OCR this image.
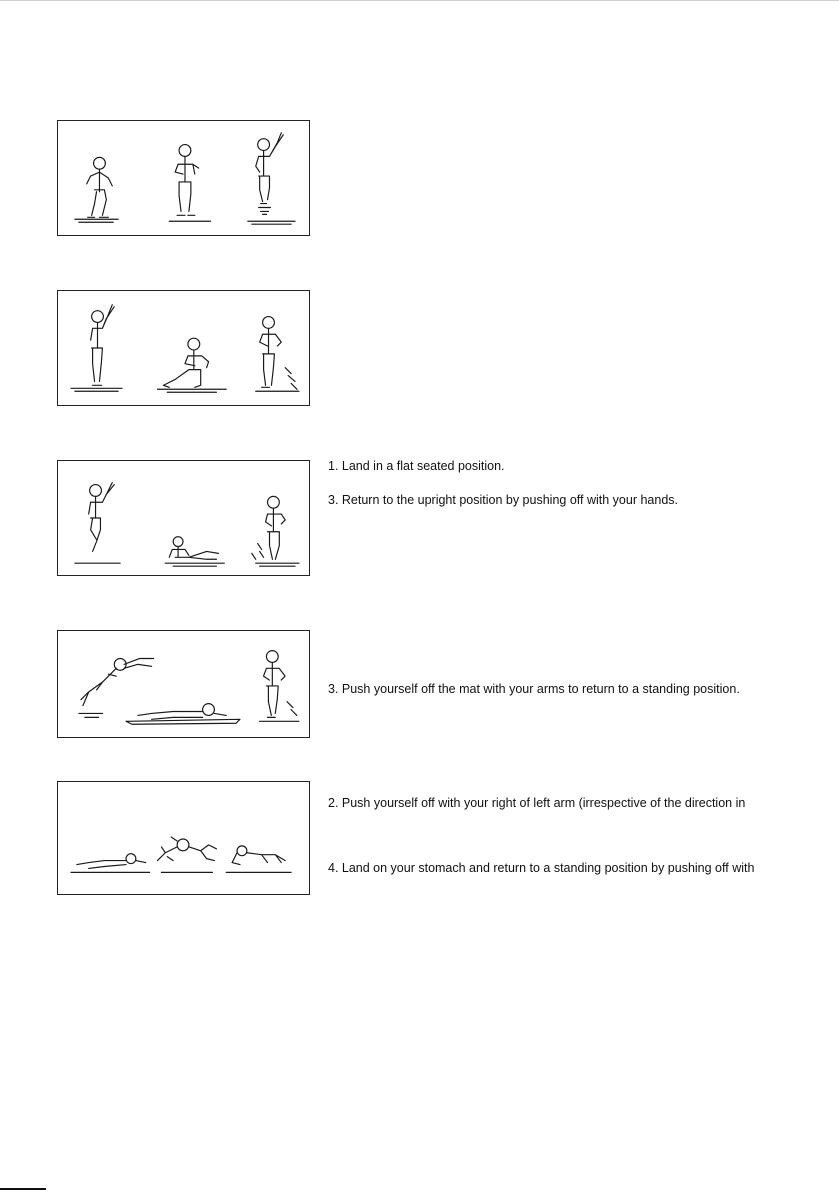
1. Land in a flat seated position.
3. Return to the upright position by pushing off with your hands.
3. Push yourself off the mat with your arms to return to a standing position.
2. Push yourself off with your right of left arm (irrespective of the direction in
4. Land on your stomach and return to a standing position by pushing off with
